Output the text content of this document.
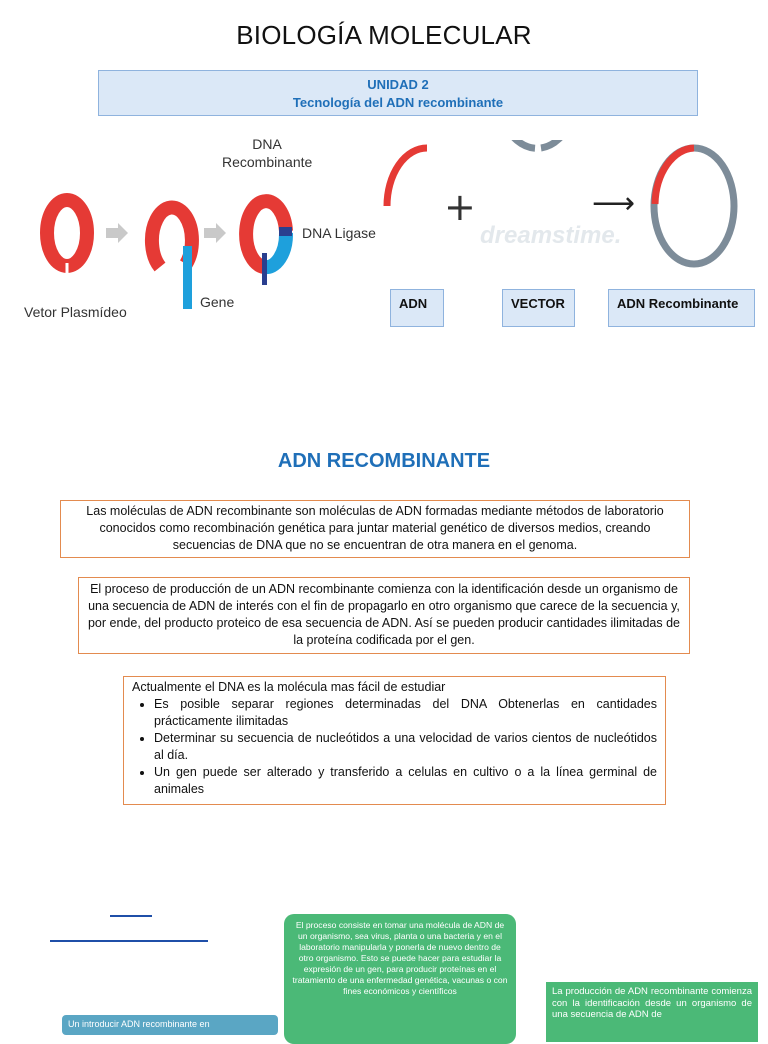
BIOLOGÍA MOLECULAR
UNIDAD 2
Tecnología del ADN recombinante
DNA
Recombinante
DNA Ligase
Gene
Vetor Plasmídeo
+	⟶
dreamstime.
ADN	VECTOR	ADN Recombinante
ADN RECOMBINANTE
Las moléculas de ADN recombinante son moléculas de ADN formadas mediante métodos de laboratorio conocidos como recombinación genética para juntar material genético de diversos medios, creando secuencias de DNA que no se encuentran de otra manera en el genoma.
El proceso de producción de un ADN recombinante comienza con la identificación desde un organismo de una secuencia de ADN de interés con el fin de propagarlo en otro organismo que carece de la secuencia y, por ende, del producto proteico de esa secuencia de ADN. Así se pueden producir cantidades ilimitadas de la proteína codificada por el gen.
Actualmente el DNA es la molécula mas fácil de estudiar
• Es posible separar regiones determinadas del DNA Obtenerlas en cantidades prácticamente ilimitadas
• Determinar su secuencia de nucleótidos a una velocidad de varios cientos de nucleótidos al día.
• Un gen puede ser alterado y transferido a celulas en cultivo o a la línea germinal de animales
El proceso consiste en tomar una molécula de ADN de un organismo, sea virus, planta o una bacteria y en el laboratorio manipularla y ponerla de nuevo dentro de otro organismo. Esto se puede hacer para estudiar la expresión de un gen, para producir proteínas en el tratamiento de una enfermedad genética, vacunas o con fines económicos y científicos	La producción de ADN recombinante comienza con la identificación desde un organismo de una secuencia de ADN de
Un introducir ADN recombinante en
